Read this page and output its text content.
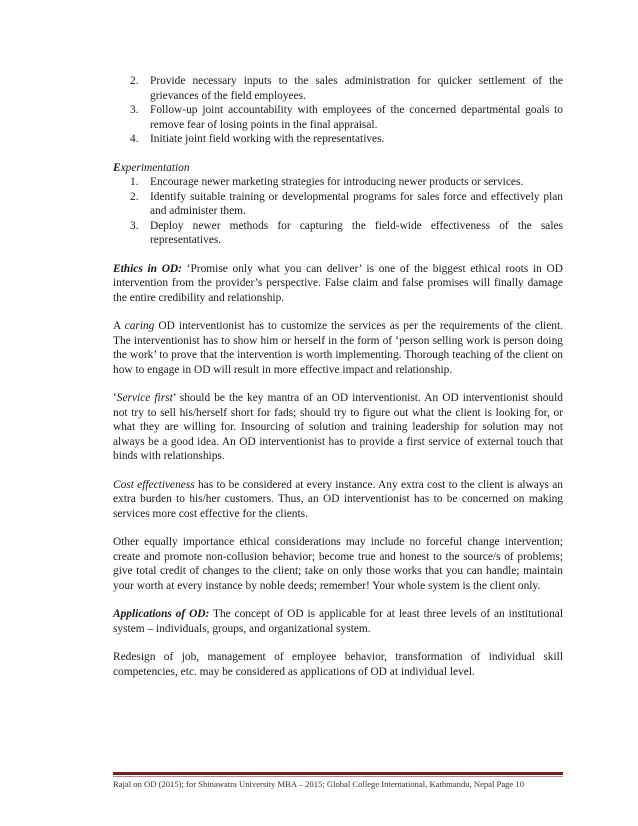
2. Provide necessary inputs to the sales administration for quicker settlement of the grievances of the field employees.
3. Follow-up joint accountability with employees of the concerned departmental goals to remove fear of losing points in the final appraisal.
4. Initiate joint field working with the representatives.

Experimentation

1. Encourage newer marketing strategies for introducing newer products or services.
2. Identify suitable training or developmental programs for sales force and effectively plan and administer them.
3. Deploy newer methods for capturing the field-wide effectiveness of the sales representatives.

Ethics in OD: ‘Promise only what you can deliver’ is one of the biggest ethical roots in OD intervention from the provider’s perspective. False claim and false promises will finally damage the entire credibility and relationship.

A caring OD interventionist has to customize the services as per the requirements of the client. The interventionist has to show him or herself in the form of ‘person selling work is person doing the work’ to prove that the intervention is worth implementing. Thorough teaching of the client on how to engage in OD will result in more effective impact and relationship.

‘Service first’ should be the key mantra of an OD interventionist. An OD interventionist should not try to sell his/herself short for fads; should try to figure out what the client is looking for, or what they are willing for. Insourcing of solution and training leadership for solution may not always be a good idea. An OD interventionist has to provide a first service of external touch that binds with relationships.

Cost effectiveness has to be considered at every instance. Any extra cost to the client is always an extra burden to his/her customers. Thus, an OD interventionist has to be concerned on making services more cost effective for the clients.

Other equally importance ethical considerations may include no forceful change intervention; create and promote non-collusion behavior; become true and honest to the source/s of problems; give total credit of changes to the client; take on only those works that you can handle; maintain your worth at every instance by noble deeds; remember! Your whole system is the client only.

Applications of OD: The concept of OD is applicable for at least three levels of an institutional system – individuals, groups, and organizational system.

Redesign of job, management of employee behavior, transformation of individual skill competencies, etc. may be considered as applications of OD at individual level.

Rajal on OD (2015); for Shinawatra University MBA – 2015; Global College International, Kathmandu, Nepal Page 10
